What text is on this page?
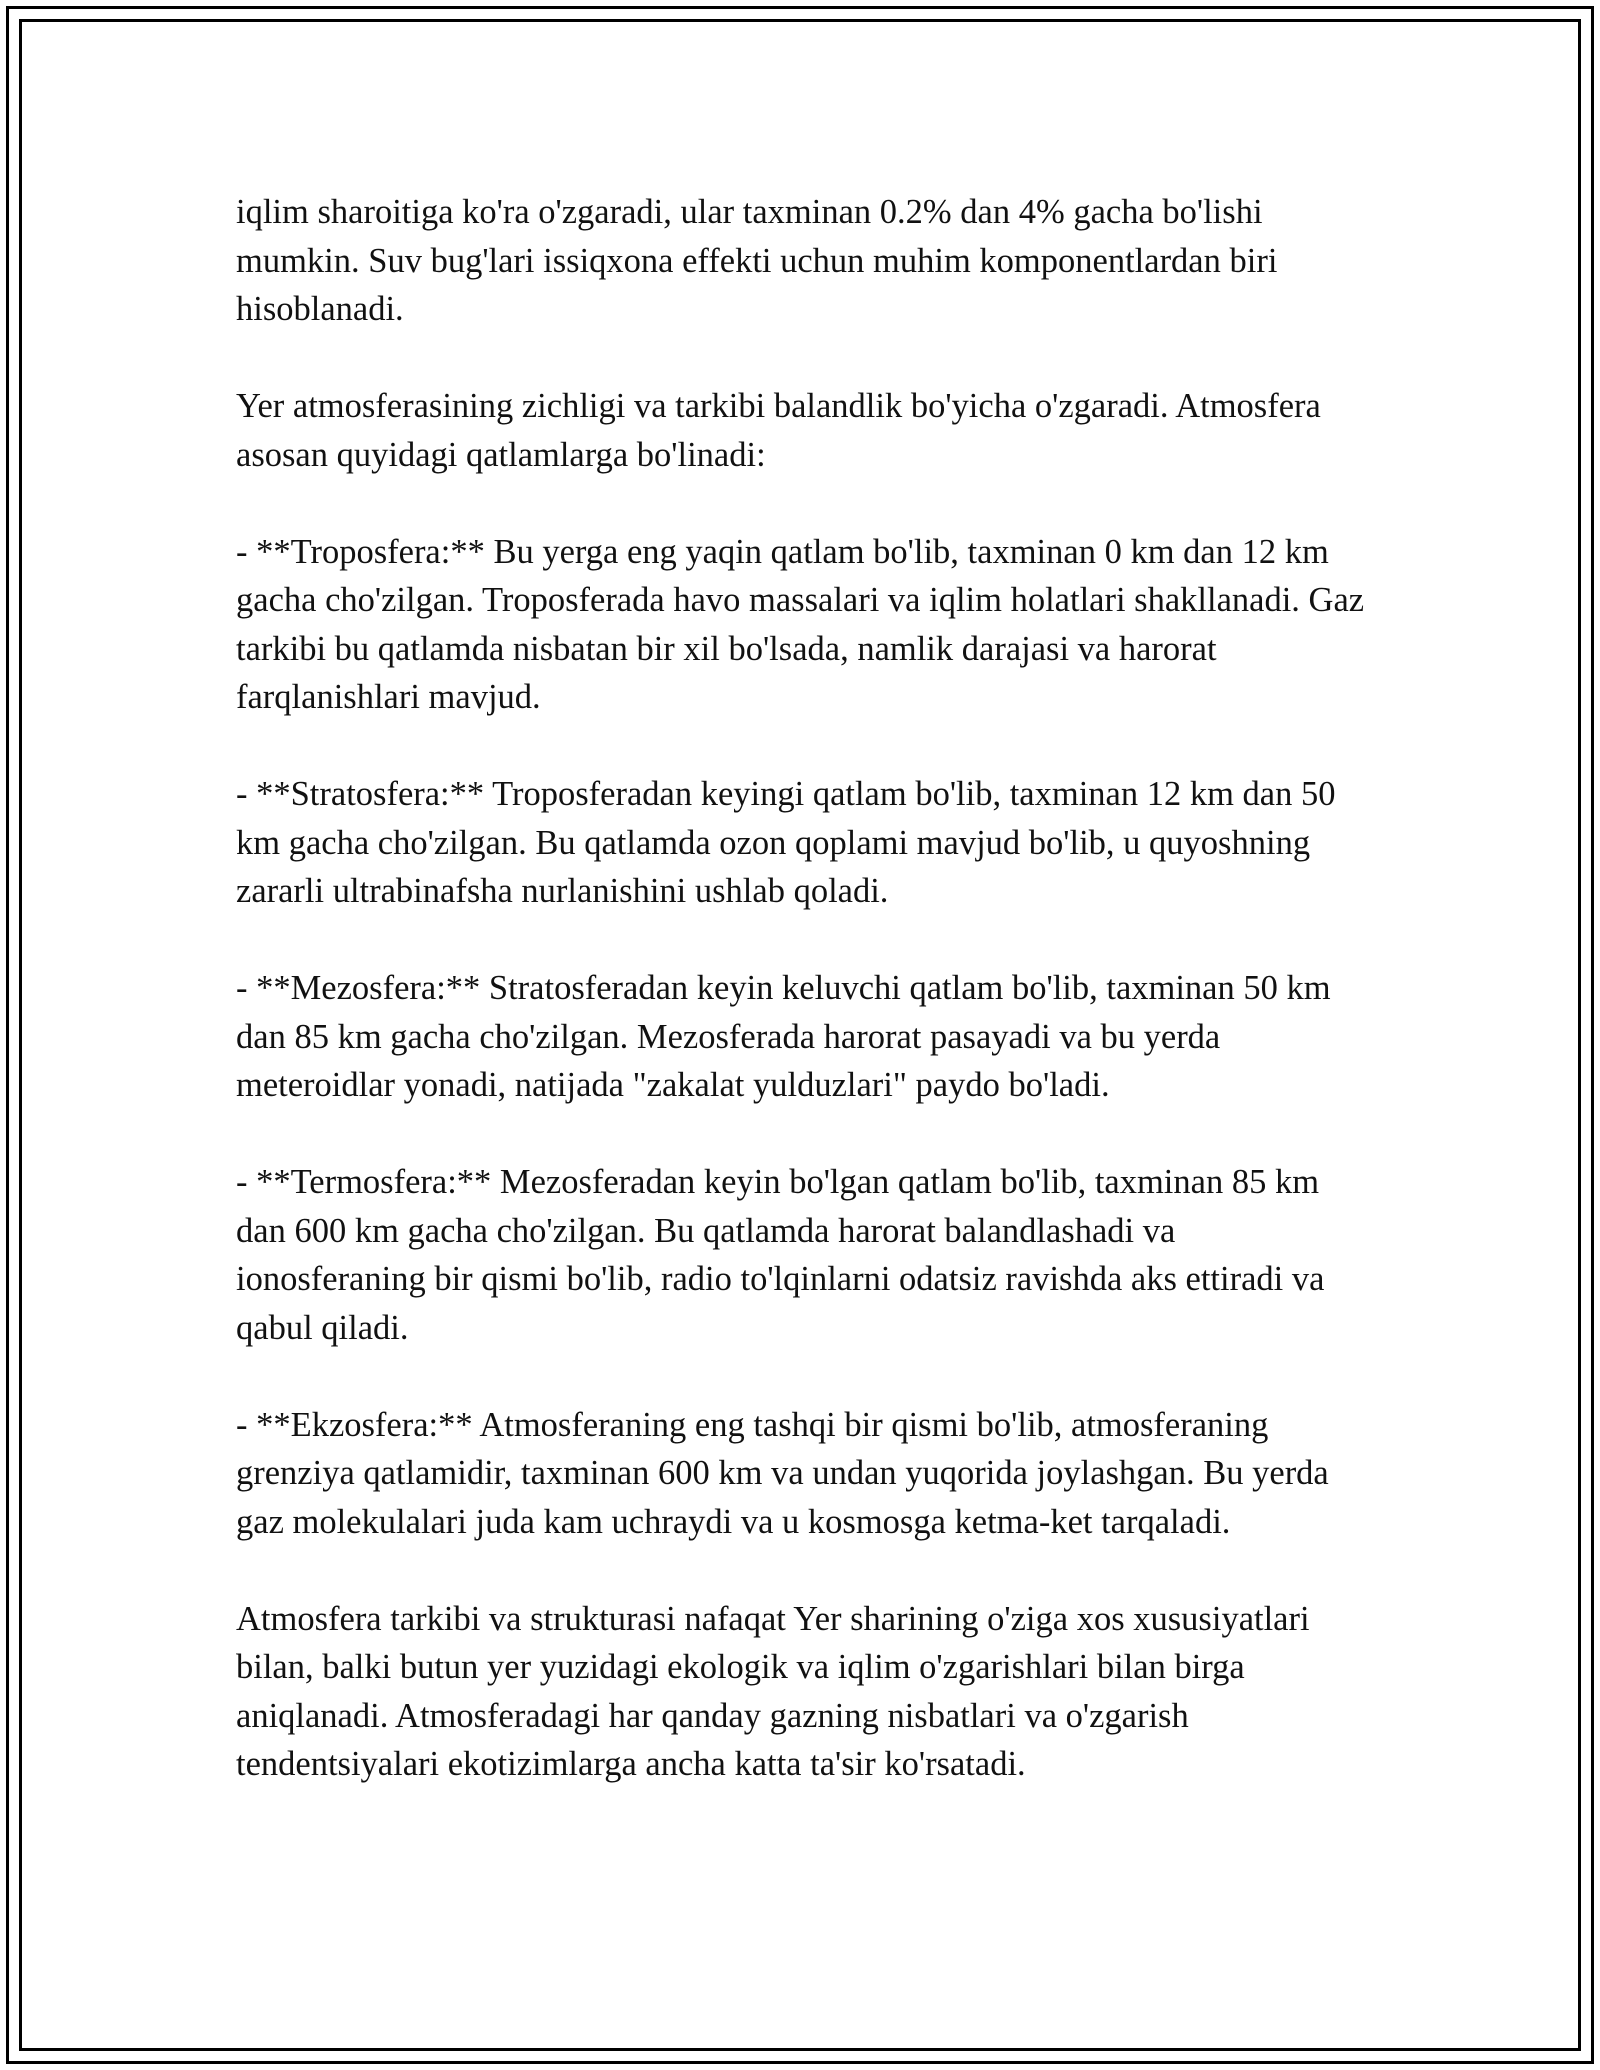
iqlim sharoitiga ko'ra o'zgaradi, ular taxminan 0.2% dan 4% gacha bo'lishi mumkin. Suv bug'lari issiqxona effekti uchun muhim komponentlardan biri hisoblanadi.

Yer atmosferasining zichligi va tarkibi balandlik bo'yicha o'zgaradi. Atmosfera asosan quyidagi qatlamlarga bo'linadi:

- **Troposfera:** Bu yerga eng yaqin qatlam bo'lib, taxminan 0 km dan 12 km gacha cho'zilgan. Troposferada havo massalari va iqlim holatlari shakllanadi. Gaz tarkibi bu qatlamda nisbatan bir xil bo'lsada, namlik darajasi va harorat farqlanishlari mavjud.

- **Stratosfera:** Troposferadan keyingi qatlam bo'lib, taxminan 12 km dan 50 km gacha cho'zilgan. Bu qatlamda ozon qoplami mavjud bo'lib, u quyoshning zararli ultrabinafsha nurlanishini ushlab qoladi.

- **Mezosfera:** Stratosferadan keyin keluvchi qatlam bo'lib, taxminan 50 km dan 85 km gacha cho'zilgan. Mezosferada harorat pasayadi va bu yerda meteroidlar yonadi, natijada "zakalat yulduzlari" paydo bo'ladi.

- **Termosfera:** Mezosferadan keyin bo'lgan qatlam bo'lib, taxminan 85 km dan 600 km gacha cho'zilgan. Bu qatlamda harorat balandlashadi va ionosferaning bir qismi bo'lib, radio to'lqinlarni odatsiz ravishda aks ettiradi va qabul qiladi.

- **Ekzosfera:** Atmosferaning eng tashqi bir qismi bo'lib, atmosferaning grenziya qatlamidir, taxminan 600 km va undan yuqorida joylashgan. Bu yerda gaz molekulalari juda kam uchraydi va u kosmosga ketma-ket tarqaladi.

Atmosfera tarkibi va strukturasi nafaqat Yer sharining o'ziga xos xususiyatlari bilan, balki butun yer yuzidagi ekologik va iqlim o'zgarishlari bilan birga aniqlanadi. Atmosferadagi har qanday gazning nisbatlari va o'zgarish tendentsiyalari ekotizimlarga ancha katta ta'sir ko'rsatadi.
